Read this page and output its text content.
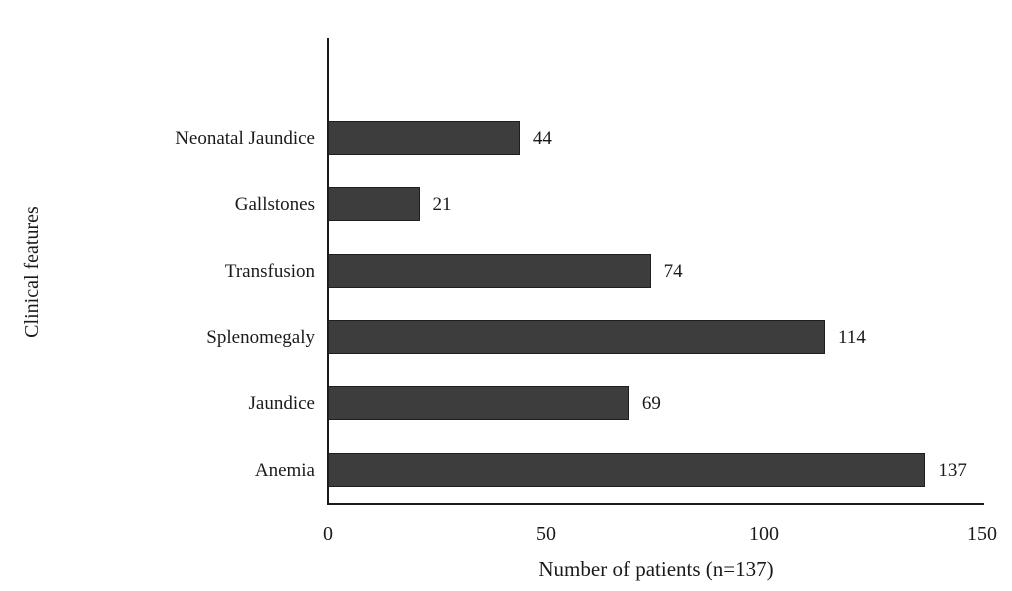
Clinical features
Neonatal Jaundice	44
Gallstones	21
Transfusion	74
Splenomegaly	114
Jaundice	69
Anemia	137
0	50	100	150
Number of patients (n=137)
